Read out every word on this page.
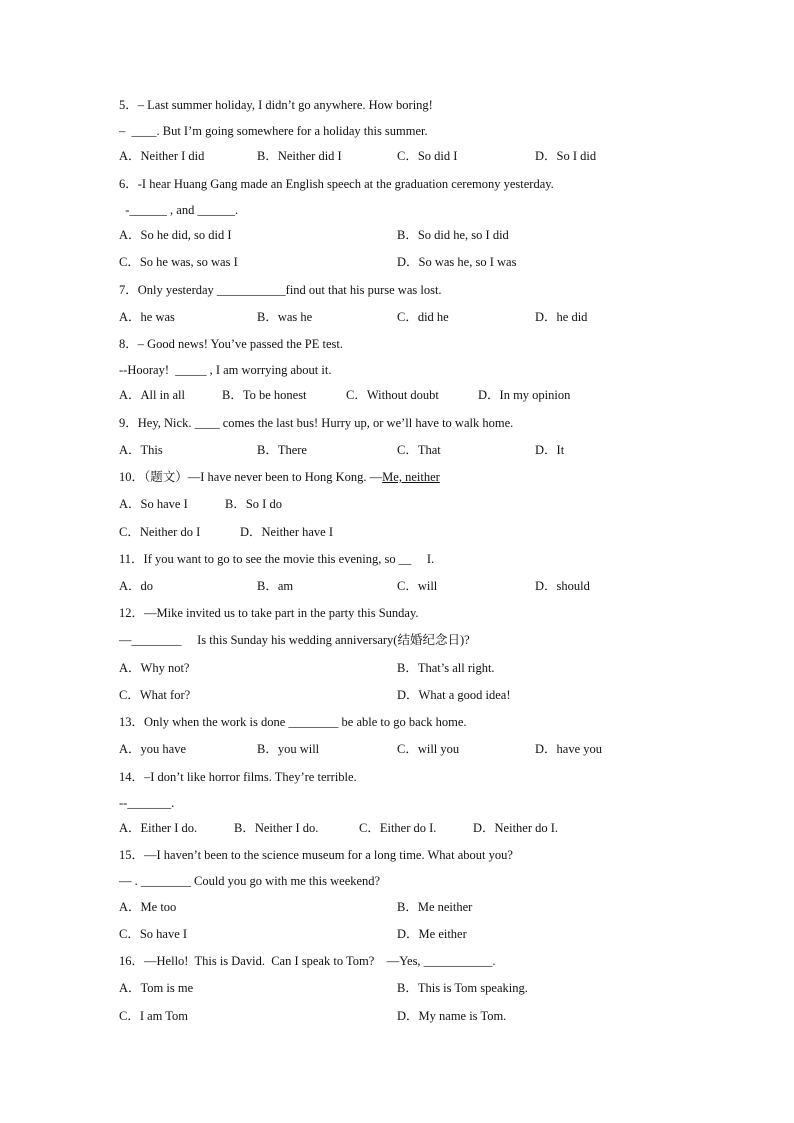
5．– Last summer holiday, I didn’t go anywhere. How boring!
–  ____. But I’m going somewhere for a holiday this summer.
A．Neither I did	B．Neither did I	C．So did I	D．So I did
6．-I hear Huang Gang made an English speech at the graduation ceremony yesterday.
-______ , and ______.
A．So he did, so did I	B．So did he, so I did
C．So he was, so was I	D．So was he, so I was
7．Only yesterday ___________find out that his purse was lost.
A．he was	B．was he	C．did he	D．he did
8．– Good news! You’ve passed the PE test.
--Hooray!  _____ , I am worrying about it.
A．All in all	B．To be honest	C．Without doubt	D．In my opinion
9．Hey, Nick. ____ comes the last bus! Hurry up, or we’ll have to walk home.
A．This	B．There	C．That	D．It
10．（题文）—I have never been to Hong Kong. —Me, neither
A．So have I	B．So I do
C．Neither do I	D．Neither have I
11．If you want to go to see the movie this evening, so __     I.
A．do	B．am	C．will	D．should
12．—Mike invited us to take part in the party this Sunday.
—________     Is this Sunday his wedding anniversary(结婚纪念日)?
A．Why not?	B．That’s all right.
C．What for?	D．What a good idea!
13．Only when the work is done ________ be able to go back home.
A．you have	B．you will	C．will you	D．have you
14．–I don’t like horror films. They’re terrible.
--_______.
A．Either I do.	B．Neither I do.	C．Either do I.	D．Neither do I.
15．—I haven’t been to the science museum for a long time. What about you?
— . ________ Could you go with me this weekend?
A．Me too	B．Me neither
C．So have I	D．Me either
16．—Hello!  This is David.  Can I speak to Tom?    —Yes, ___________.
A．Tom is me	B．This is Tom speaking.
C．I am Tom	D．My name is Tom.
